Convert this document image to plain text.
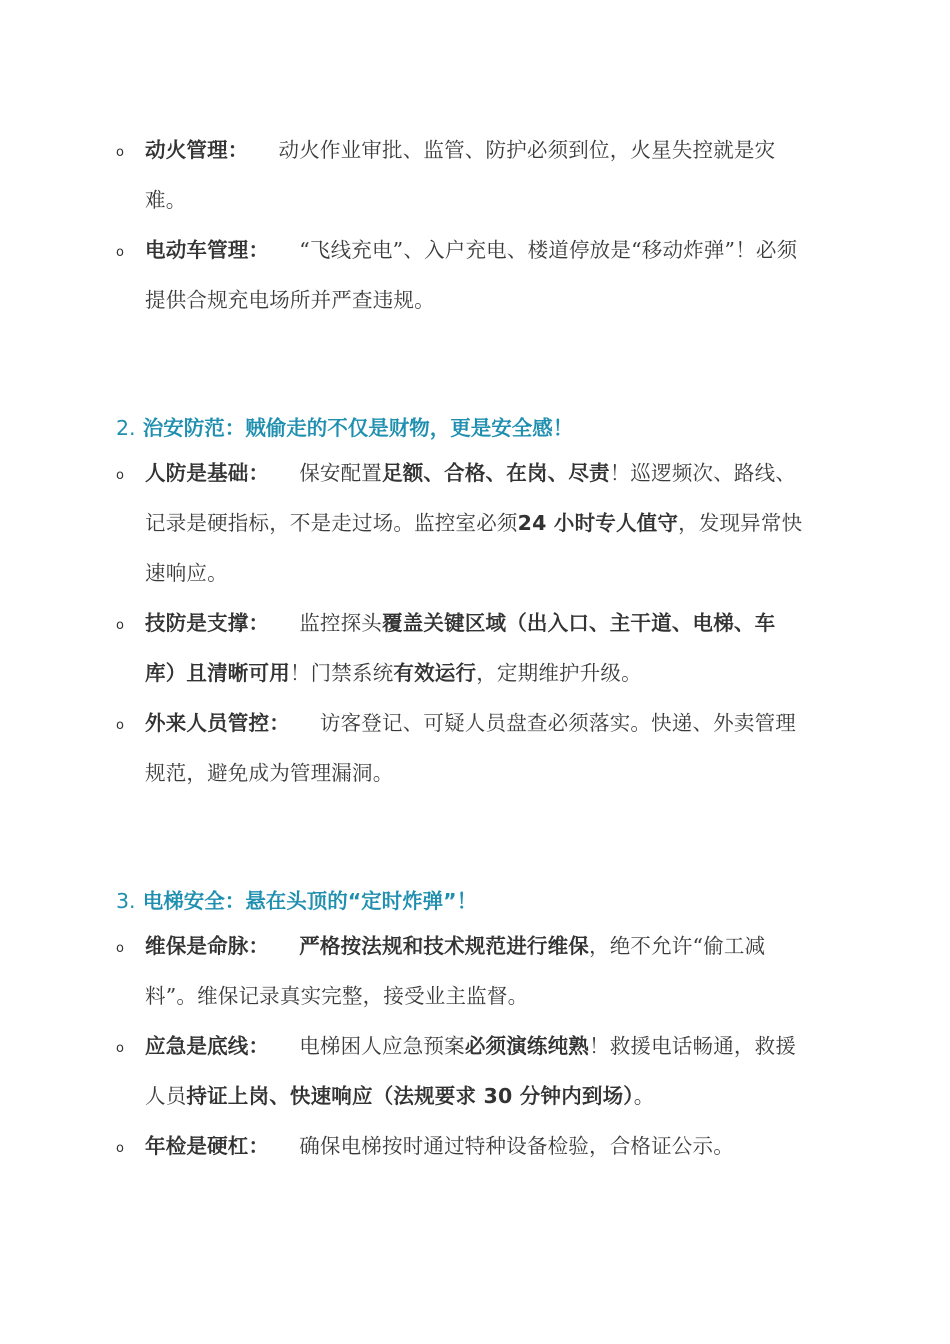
o 动火管理： 动火作业审批、监管、防护必须到位，火星失控就是灾难。
o 电动车管理： “飞线充电”、入户充电、楼道停放是“移动炸弹”！必须提供合规充电场所并严查违规。
2. 治安防范：贼偷走的不仅是财物，更是安全感！
o 人防是基础： 保安配置足额、合格、在岗、尽责！巡逻频次、路线、记录是硬指标，不是走过场。监控室必须24 小时专人值守，发现异常快速响应。
o 技防是支撑： 监控探头覆盖关键区域（出入口、主干道、电梯、车库）且清晰可用！门禁系统有效运行，定期维护升级。
o 外来人员管控： 访客登记、可疑人员盘查必须落实。快递、外卖管理规范，避免成为管理漏洞。
3. 电梯安全：悬在头顶的“定时炸弹”！
o 维保是命脉： 严格按法规和技术规范进行维保，绝不允许“偷工减料”。维保记录真实完整，接受业主监督。
o 应急是底线： 电梯困人应急预案必须演练纯熟！救援电话畅通，救援人员持证上岗、快速响应（法规要求 30 分钟内到场）。
o 年检是硬杠： 确保电梯按时通过特种设备检验，合格证公示。
